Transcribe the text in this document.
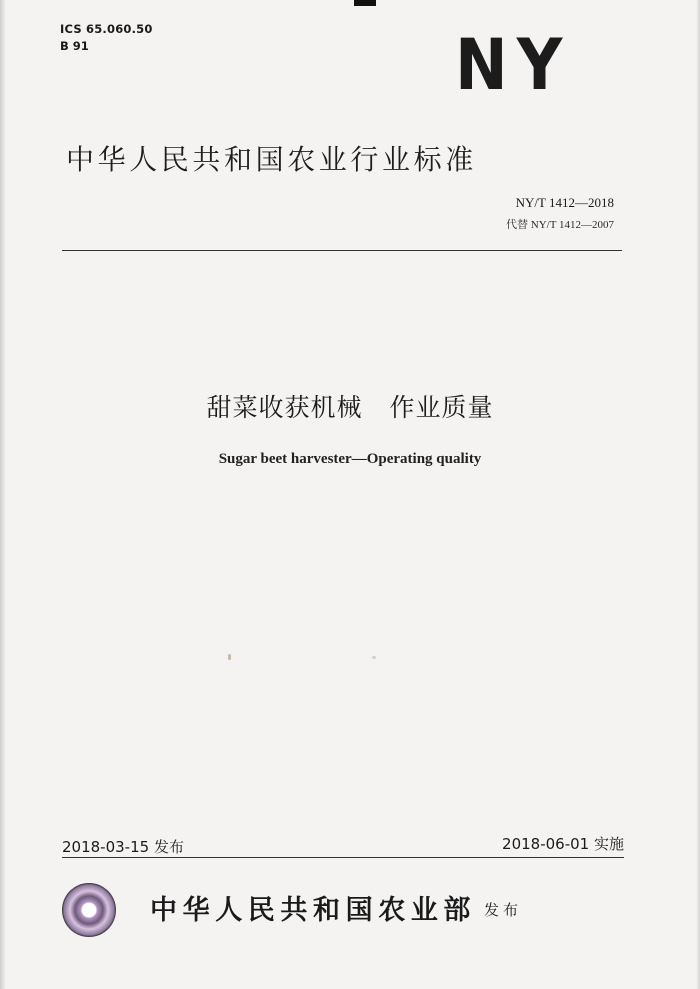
ICS 65.060.50
B 91	NY
中华人民共和国农业行业标准
NY/T 1412—2018
代替 NY/T 1412—2007
甜菜收获机械 作业质量
Sugar beet harvester—Operating quality
2018-03-15 发布	2018-06-01 实施
中华人民共和国农业部 发布
